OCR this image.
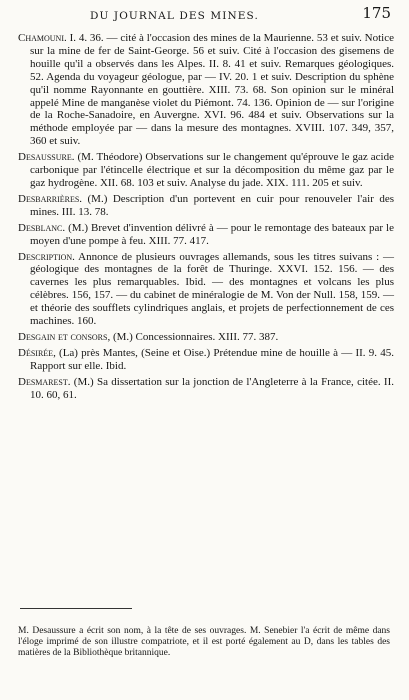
DU JOURNAL DES MINES.	175

Chamouni. I. 4. 36. — cité à l'occasion des mines de la Maurienne. 53 et suiv. Notice sur la mine de fer de Saint-George. 56 et suiv. Cité à l'occasion des gisemens de houille qu'il a observés dans les Alpes. II. 8. 41 et suiv. Remarques géologiques. 52. Agenda du voyageur géologue, par — IV. 20. 1 et suiv. Description du sphène qu'il nomme Rayonnante en gouttière. XIII. 73. 68. Son opinion sur le minéral appelé Mine de manganèse violet du Piémont. 74. 136. Opinion de — sur l'origine de la Roche-Sanadoire, en Auvergne. XVI. 96. 484 et suiv. Observations sur la méthode employée par — dans la mesure des montagnes. XVIII. 107. 349, 357, 360 et suiv.

Desaussure. (M. Théodore) Observations sur le changement qu'éprouve le gaz acide carbonique par l'étincelle électrique et sur la décomposition du même gaz par le gaz hydrogène. XII. 68. 103 et suiv. Analyse du jade. XIX. 111. 205 et suiv.

Desbarrières. (M.) Description d'un portevent en cuir pour renouveler l'air des mines. III. 13. 78.

Desblanc. (M.) Brevet d'invention délivré à — pour le remontage des bateaux par le moyen d'une pompe à feu. XIII. 77. 417.

Description. Annonce de plusieurs ouvrages allemands, sous les titres suivans : — géologique des montagnes de la forêt de Thuringe. XXVI. 152. 156. — des cavernes les plus remarquables. Ibid. — des montagnes et volcans les plus célèbres. 156, 157. — du cabinet de minéralogie de M. Von der Null. 158, 159. — et théorie des soufflets cylindriques anglais, et projets de perfectionnement de ces machines. 160.

Desgain et consors, (M.) Concessionnaires. XIII. 77. 387.

Désirée, (La) près Mantes, (Seine et Oise.) Prétendue mine de houille à — II. 9. 45. Rapport sur elle. Ibid.

Desmarest. (M.) Sa dissertation sur la jonction de l'Angleterre à la France, citée. II. 10. 60, 61.

M. Desaussure a écrit son nom, à la tête de ses ouvrages. M. Senebier l'a écrit de même dans l'éloge imprimé de son illustre compatriote, et il est porté également au D, dans les tables des matières de la Bibliothèque britannique.
